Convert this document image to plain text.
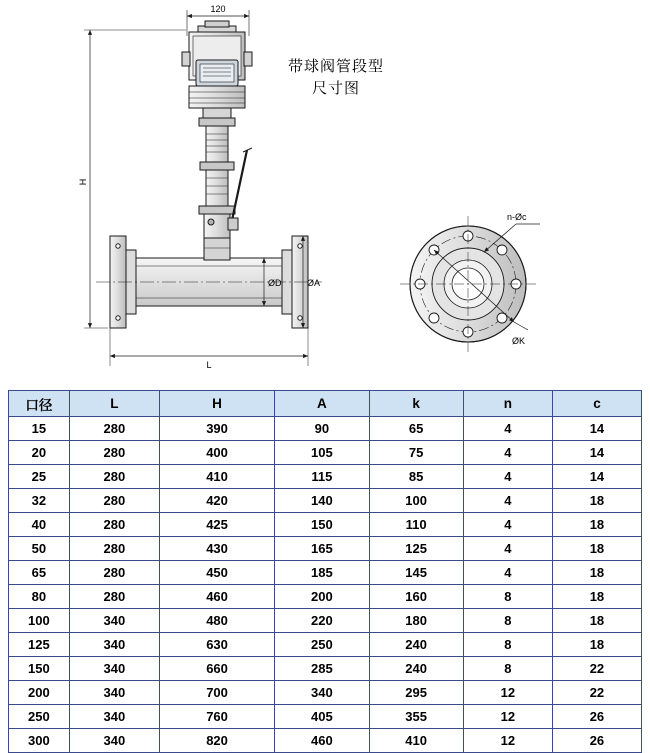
120
H
L
ØD	ØA
n-Øc
ØK
带球阀管段型
尺寸图
口径	L	H	A	k	n	c
15	280	390	90	65	4	14
20	280	400	105	75	4	14
25	280	410	115	85	4	14
32	280	420	140	100	4	18
40	280	425	150	110	4	18
50	280	430	165	125	4	18
65	280	450	185	145	4	18
80	280	460	200	160	8	18
100	340	480	220	180	8	18
125	340	630	250	240	8	18
150	340	660	285	240	8	22
200	340	700	340	295	12	22
250	340	760	405	355	12	26
300	340	820	460	410	12	26
